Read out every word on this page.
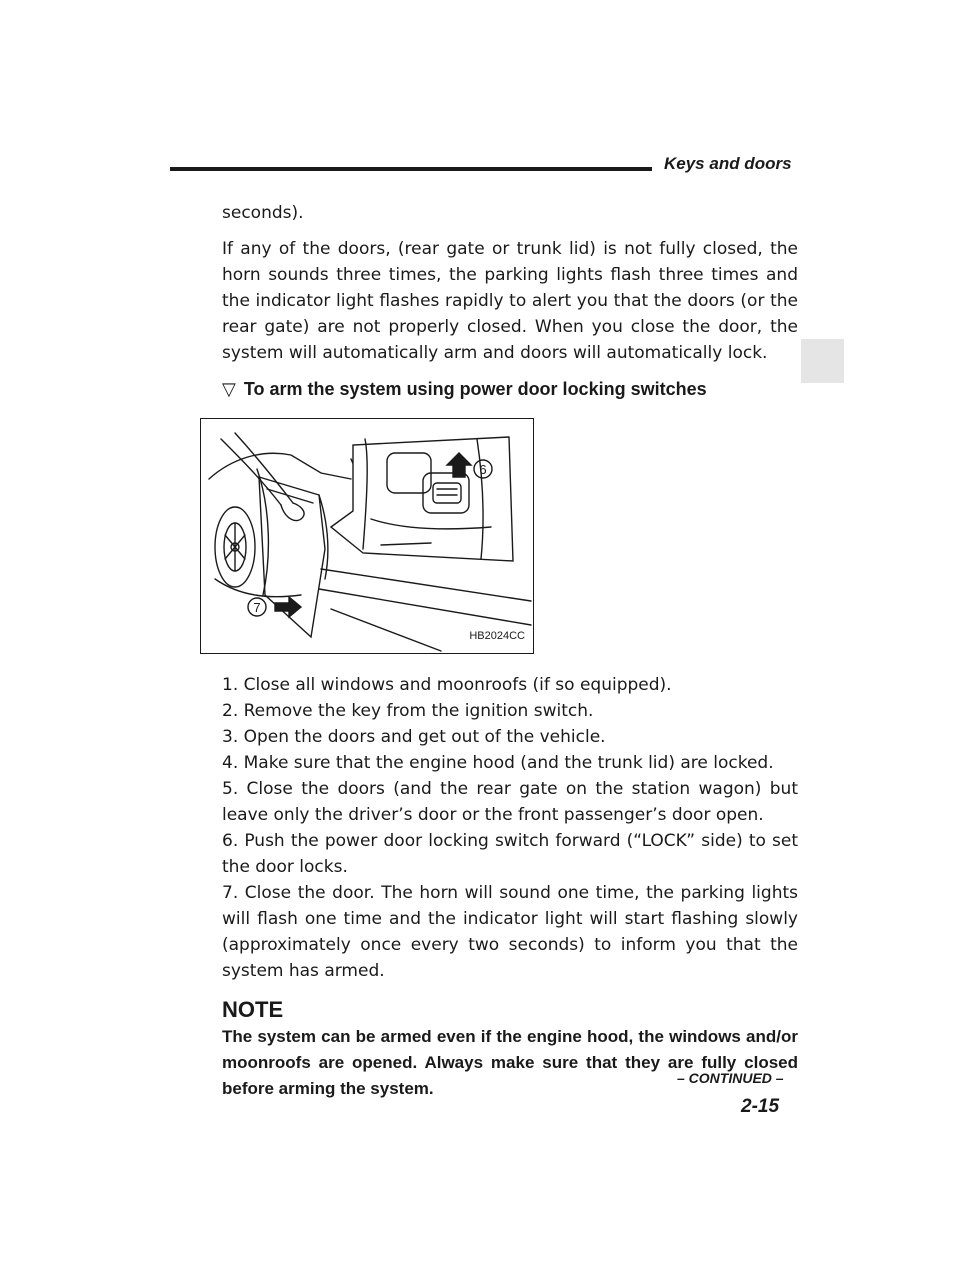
Keys and doors

seconds).

If any of the doors, (rear gate or trunk lid) is not fully closed, the horn sounds three times, the parking lights flash three times and the indicator light flashes rapidly to alert you that the doors (or the rear gate) are not properly closed. When you close the door, the system will automatically arm and doors will automatically lock.

▽ To arm the system using power door locking switches

6
7
HB2024CC
1. Close all windows and moonroofs (if so equipped).
2. Remove the key from the ignition switch.
3. Open the doors and get out of the vehicle.
4. Make sure that the engine hood (and the trunk lid) are locked.
5. Close the doors (and the rear gate on the station wagon) but leave only the driver’s door or the front passenger’s door open.
6. Push the power door locking switch forward (“LOCK” side) to set the door locks.
7. Close the door. The horn will sound one time, the parking lights will flash one time and the indicator light will start flashing slowly (approximately once every two seconds) to inform you that the system has armed.

NOTE

The system can be armed even if the engine hood, the windows and/or moonroofs are opened. Always make sure that they are fully closed before arming the system.

– CONTINUED –
2-15
